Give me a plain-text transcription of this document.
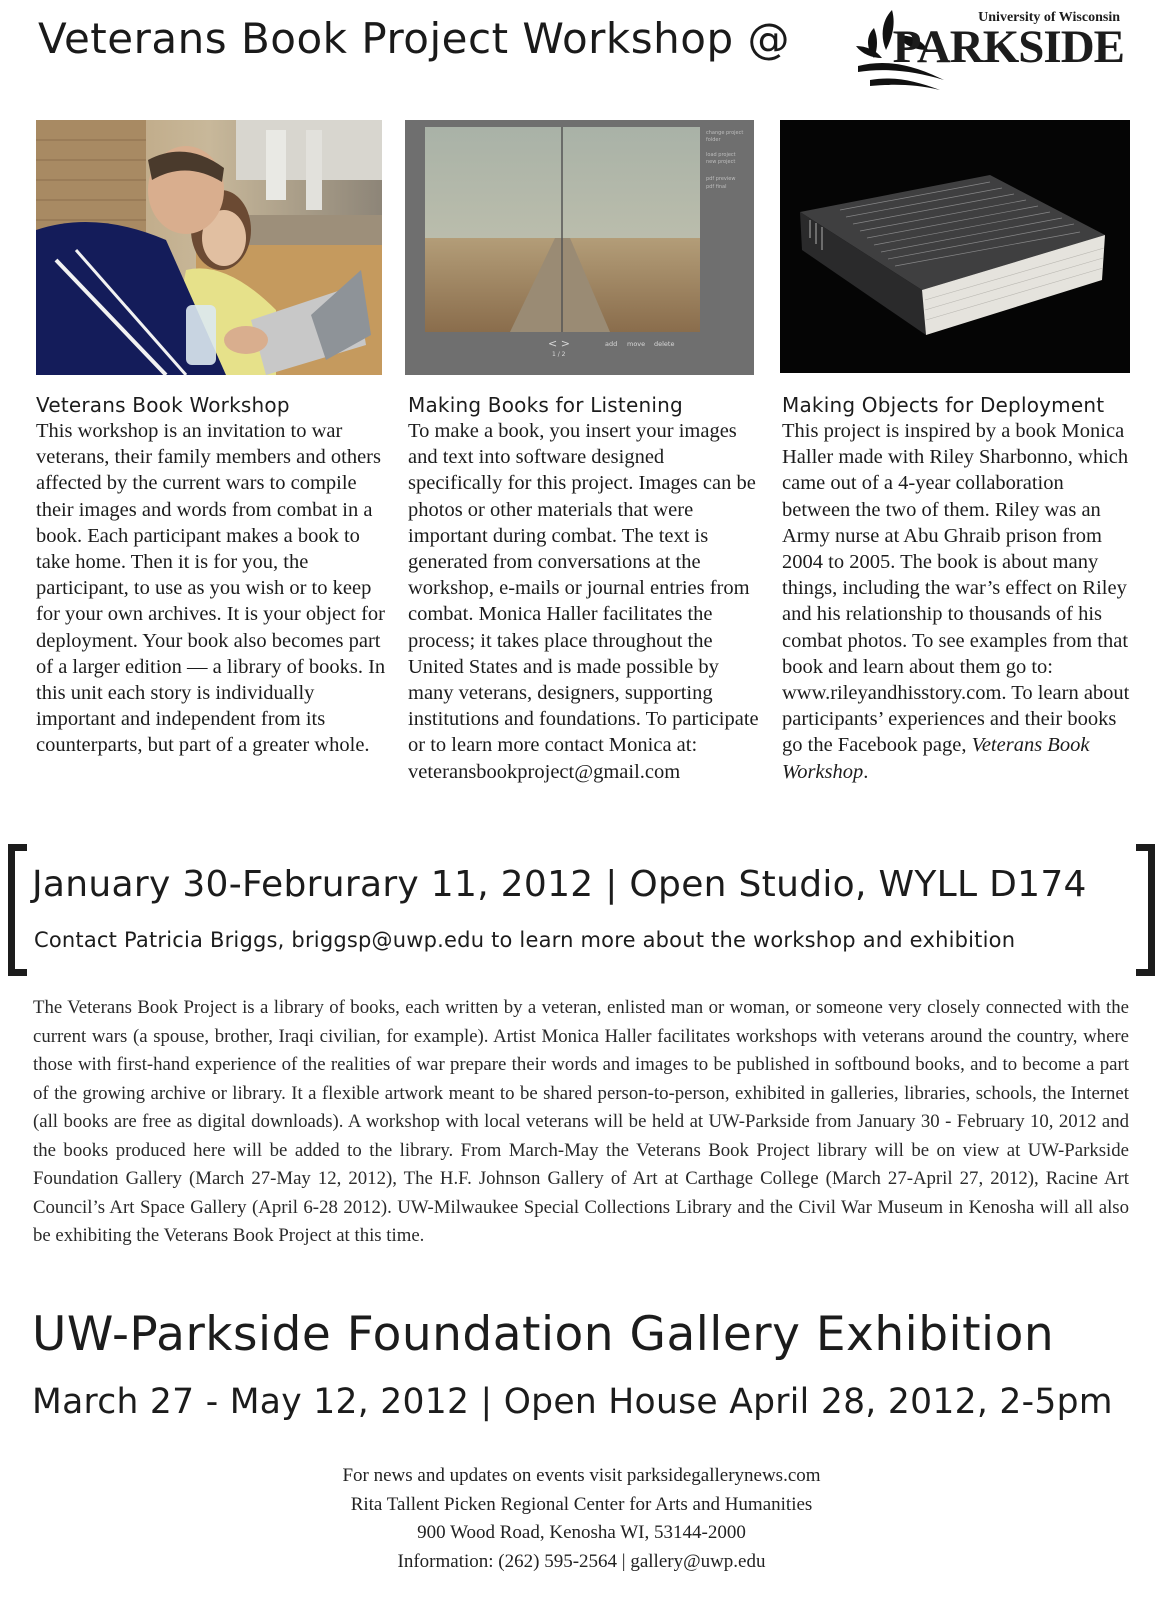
Veterans Book Project Workshop @	University of Wisconsin
PARKSIDE
change project
folder
load project
new project
pdf preview
pdf final
< >
1 / 2
add move delete
Veterans Book Workshop

This workshop is an invitation to war veterans, their family members and others affected by the current wars to compile their images and words from combat in a book. Each participant makes a book to take home. Then it is for you, the participant, to use as you wish or to keep for your own archives. It is your object for deployment. Your book also becomes part of a larger edition — a library of books. In this unit each story is individually important and independent from its counterparts, but part of a greater whole.

Making Books for Listening

To make a book, you insert your images and text into software designed specifically for this project. Images can be photos or other materials that were important during combat. The text is generated from conversations at the workshop, e-mails or journal entries from combat. Monica Haller facilitates the process; it takes place throughout the United States and is made possible by many veterans, designers, supporting institutions and foundations. To participate or to learn more contact Monica at: veteransbookproject@gmail.com

Making Objects for Deployment

This project is inspired by a book Monica Haller made with Riley Sharbonno, which came out of a 4-year collaboration between the two of them. Riley was an Army nurse at Abu Ghraib prison from 2004 to 2005. The book is about many things, including the war’s effect on Riley and his relationship to thousands of his combat photos. To see examples from that book and learn about them go to: www.rileyandhisstory.com. To learn about participants’ experiences and their books go the Facebook page, Veterans Book Workshop.

January 30-Februrary 11, 2012 | Open Studio, WYLL D174
Contact Patricia Briggs, briggsp@uwp.edu to learn more about the workshop and exhibition
The Veterans Book Project is a library of books, each written by a veteran, enlisted man or woman, or someone very closely connected with the current wars (a spouse, brother, Iraqi civilian, for example). Artist Monica Haller facilitates workshops with veterans around the country, where those with first-hand experience of the realities of war prepare their words and images to be published in softbound books, and to become a part of the growing archive or library. It a flexible artwork meant to be shared person-to-person, exhibited in galleries, libraries, schools, the Internet (all books are free as digital downloads). A workshop with local veterans will be held at UW-Parkside from January 30 - February 10, 2012 and the books produced here will be added to the library. From March-May the Veterans Book Project library will be on view at UW-Parkside Foundation Gallery (March 27-May 12, 2012), The H.F. Johnson Gallery of Art at Carthage College (March 27-April 27, 2012), Racine Art Council’s Art Space Gallery (April 6-28 2012). UW-Milwaukee Special Collections Library and the Civil War Museum in Kenosha will all also be exhibiting the Veterans Book Project at this time.
UW-Parkside Foundation Gallery Exhibition
March 27 - May 12, 2012 | Open House April 28, 2012, 2-5pm
For news and updates on events visit parksidegallerynews.com
Rita Tallent Picken Regional Center for Arts and Humanities
900 Wood Road, Kenosha WI, 53144-2000
Information: (262) 595-2564 | gallery@uwp.edu
